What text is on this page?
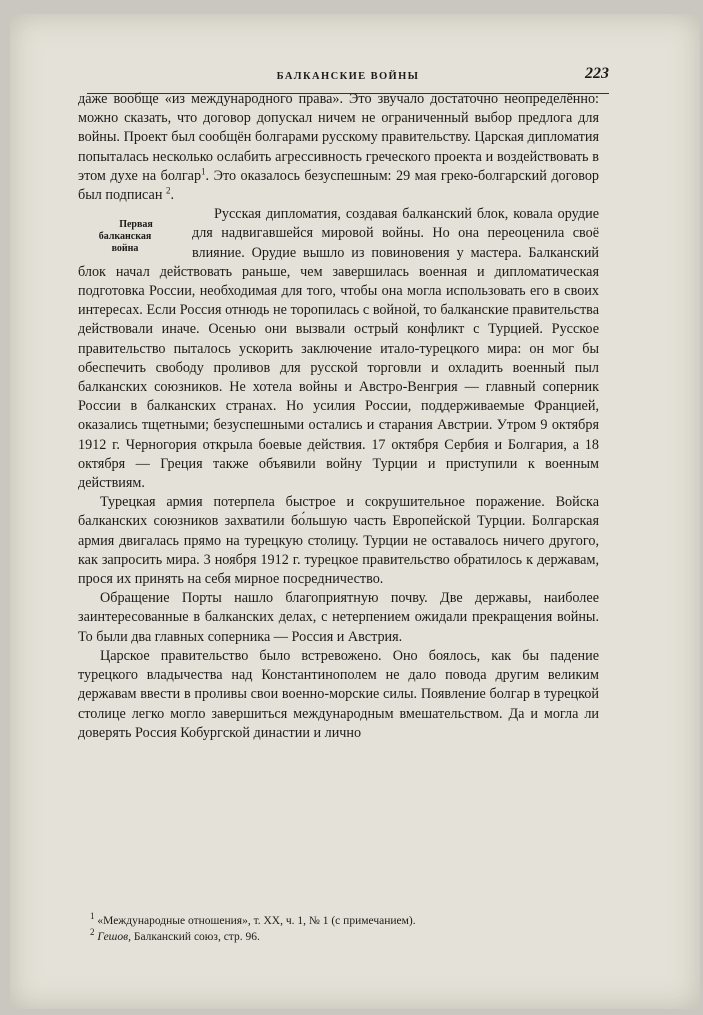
БАЛКАНСКИЕ ВОЙНЫ	223

даже вообще «из международного права». Это звучало достаточно неопределённо: можно сказать, что договор допускал ничем не ограниченный выбор предлога для войны. Проект был сообщён болгарами русскому правительству. Царская дипломатия попыталась несколько ослабить агрессивность греческого проекта и воздействовать в этом духе на болгар$^1$. Это оказалось безуспешным: 29 мая греко-болгарский договор был подписан $^2$.

Первая
балканская
война
Русская дипломатия, создавая балканский блок, ковала орудие для надвигавшейся мировой войны. Но она переоценила своё влияние. Орудие вышло из повиновения у мастера. Балканский блок начал действовать раньше, чем завершилась военная и дипломатическая подготовка России, необходимая для того, чтобы она могла использовать его в своих интересах. Если Россия отнюдь не торопилась с войной, то балканские правительства действовали иначе. Осенью они вызвали острый конфликт с Турцией. Русское правительство пыталось ускорить заключение итало-турецкого мира: он мог бы обеспечить свободу проливов для русской торговли и охладить военный пыл балканских союзников. Не хотела войны и Австро-Венгрия — главный соперник России в балканских странах. Но усилия России, поддерживаемые Францией, оказались тщетными; безуспешными остались и старания Австрии. Утром 9 октября 1912 г. Черногория открыла боевые действия. 17 октября Сербия и Болгария, а 18 октября — Греция также объявили войну Турции и приступили к военным действиям.

Турецкая армия потерпела быстрое и сокрушительное поражение. Войска балканских союзников захватили бо́льшую часть Европейской Турции. Болгарская армия двигалась прямо на турецкую столицу. Турции не оставалось ничего другого, как запросить мира. 3 ноября 1912 г. турецкое правительство обратилось к державам, прося их принять на себя мирное посредничество.

Обращение Порты нашло благоприятную почву. Две державы, наиболее заинтересованные в балканских делах, с нетерпением ожидали прекращения войны. То были два главных соперника — Россия и Австрия.

Царское правительство было встревожено. Оно боялось, как бы падение турецкого владычества над Константинополем не дало повода другим великим державам ввести в проливы свои военно-морские силы. Появление болгар в турецкой столице легко могло завершиться международным вмешательством. Да и могла ли доверять Россия Кобургской династии и лично

$^1$ «Международные отношения», т. XX, ч. 1, № 1 (с примечанием).
$^2$ Гешов, Балканский союз, стр. 96.
